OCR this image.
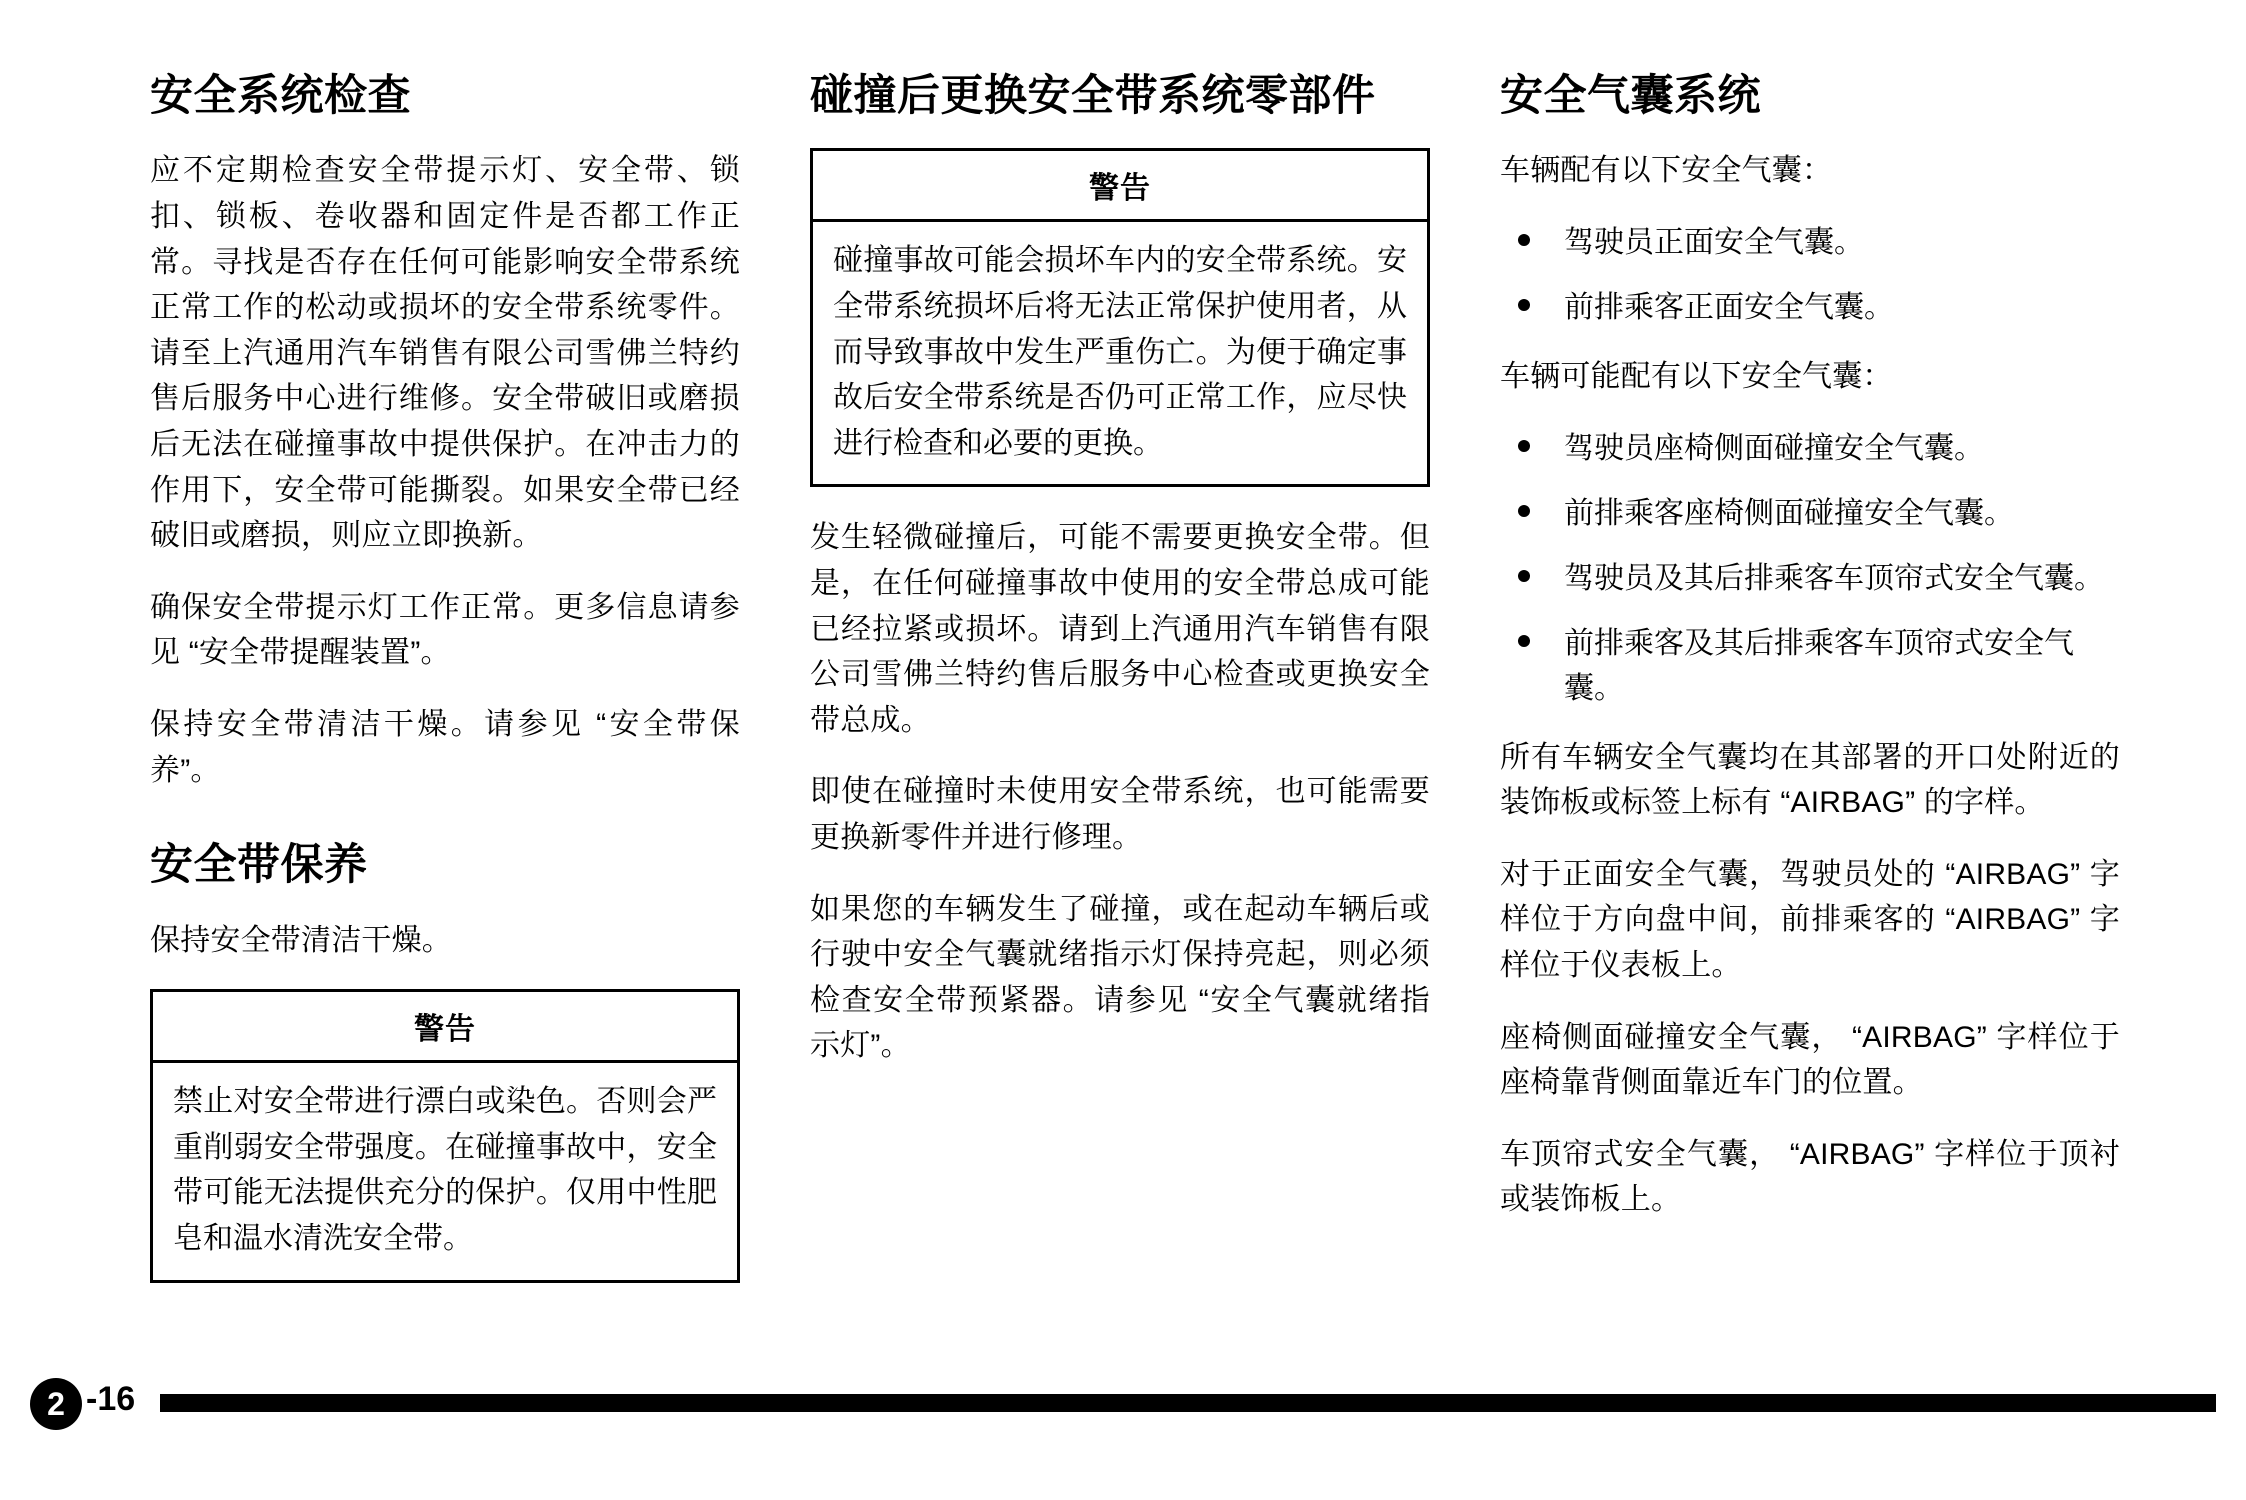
安全系统检查

应不定期检查安全带提示灯、安全带、锁扣、锁板、卷收器和固定件是否都工作正常。寻找是否存在任何可能影响安全带系统正常工作的松动或损坏的安全带系统零件。请至上汽通用汽车销售有限公司雪佛兰特约售后服务中心进行维修。安全带破旧或磨损后无法在碰撞事故中提供保护。在冲击力的作用下，安全带可能撕裂。如果安全带已经破旧或磨损，则应立即换新。

确保安全带提示灯工作正常。更多信息请参见 “安全带提醒装置”。

保持安全带清洁干燥。请参见 “安全带保养”。

安全带保养

保持安全带清洁干燥。

警告
禁止对安全带进行漂白或染色。否则会严重削弱安全带强度。在碰撞事故中，安全带可能无法提供充分的保护。仅用中性肥皂和温水清洗安全带。
碰撞后更换安全带系统零部件
警告
碰撞事故可能会损坏车内的安全带系统。安全带系统损坏后将无法正常保护使用者，从而导致事故中发生严重伤亡。为便于确定事故后安全带系统是否仍可正常工作，应尽快进行检查和必要的更换。

发生轻微碰撞后，可能不需要更换安全带。但是，在任何碰撞事故中使用的安全带总成可能已经拉紧或损坏。请到上汽通用汽车销售有限公司雪佛兰特约售后服务中心检查或更换安全带总成。

即使在碰撞时未使用安全带系统，也可能需要更换新零件并进行修理。

如果您的车辆发生了碰撞，或在起动车辆后或行驶中安全气囊就绪指示灯保持亮起，则必须检查安全带预紧器。请参见 “安全气囊就绪指示灯”。

安全气囊系统

车辆配有以下安全气囊：

驾驶员正面安全气囊。
前排乘客正面安全气囊。

车辆可能配有以下安全气囊：

驾驶员座椅侧面碰撞安全气囊。
前排乘客座椅侧面碰撞安全气囊。
驾驶员及其后排乘客车顶帘式安全气囊。
前排乘客及其后排乘客车顶帘式安全气囊。

所有车辆安全气囊均在其部署的开口处附近的装饰板或标签上标有 “AIRBAG” 的字样。

对于正面安全气囊，驾驶员处的 “AIRBAG” 字样位于方向盘中间，前排乘客的 “AIRBAG” 字样位于仪表板上。

座椅侧面碰撞安全气囊， “AIRBAG” 字样位于座椅靠背侧面靠近车门的位置。

车顶帘式安全气囊， “AIRBAG” 字样位于顶衬或装饰板上。

2 -16
